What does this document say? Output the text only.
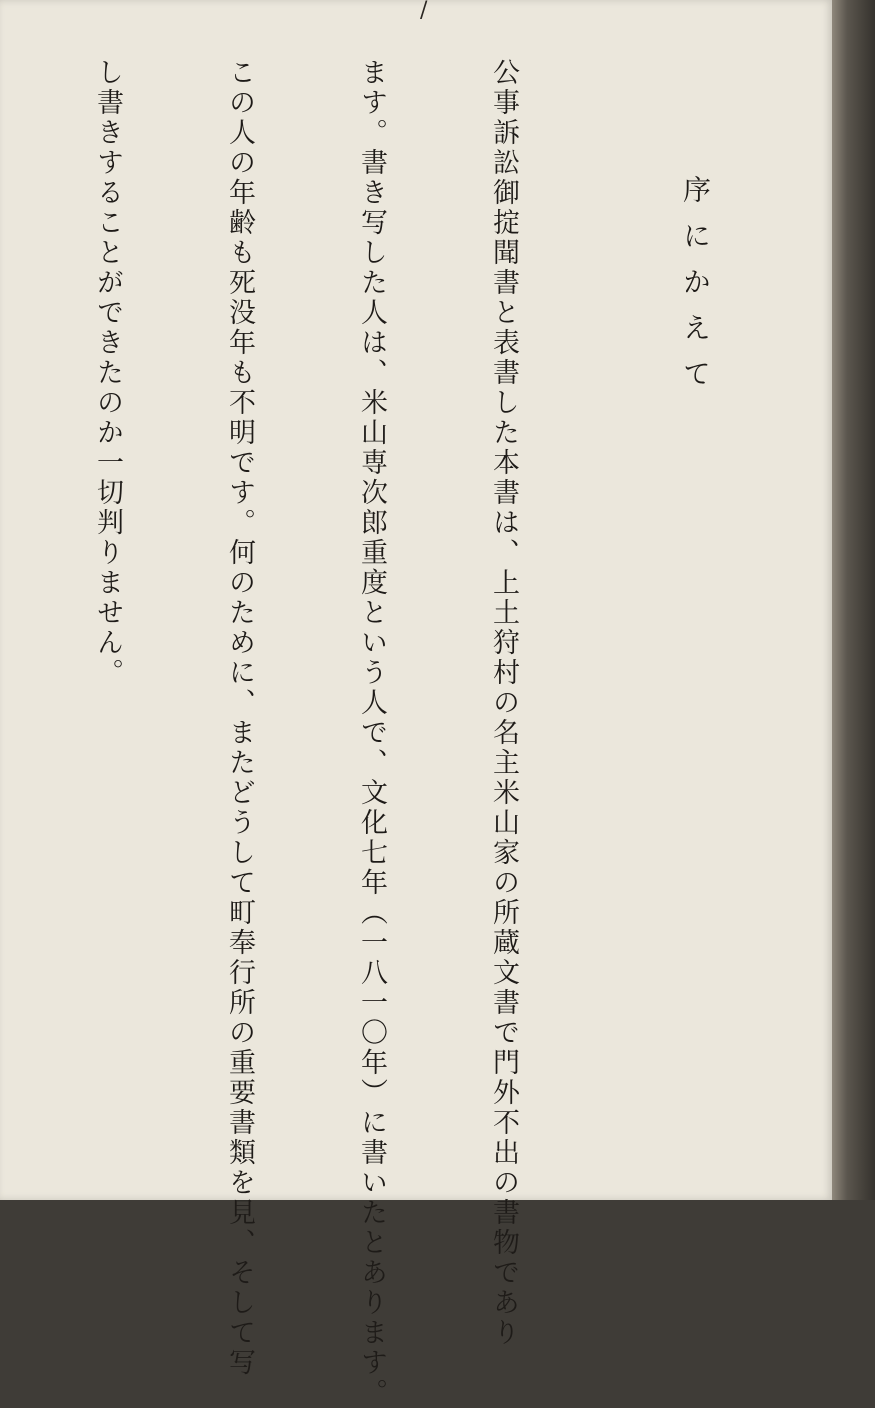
/

序にかえて

公事訴訟御掟聞書と表書した本書は、上土狩村の名主米山家の所蔵文書で門外不出の書物であり

ます。書き写した人は、米山専次郎重度という人で、文化七年（一八一〇年）に書いたとあります。

この人の年齢も死没年も不明です。何のために、またどうして町奉行所の重要書類を見、そして写

し書きすることができたのか一切判りません。
